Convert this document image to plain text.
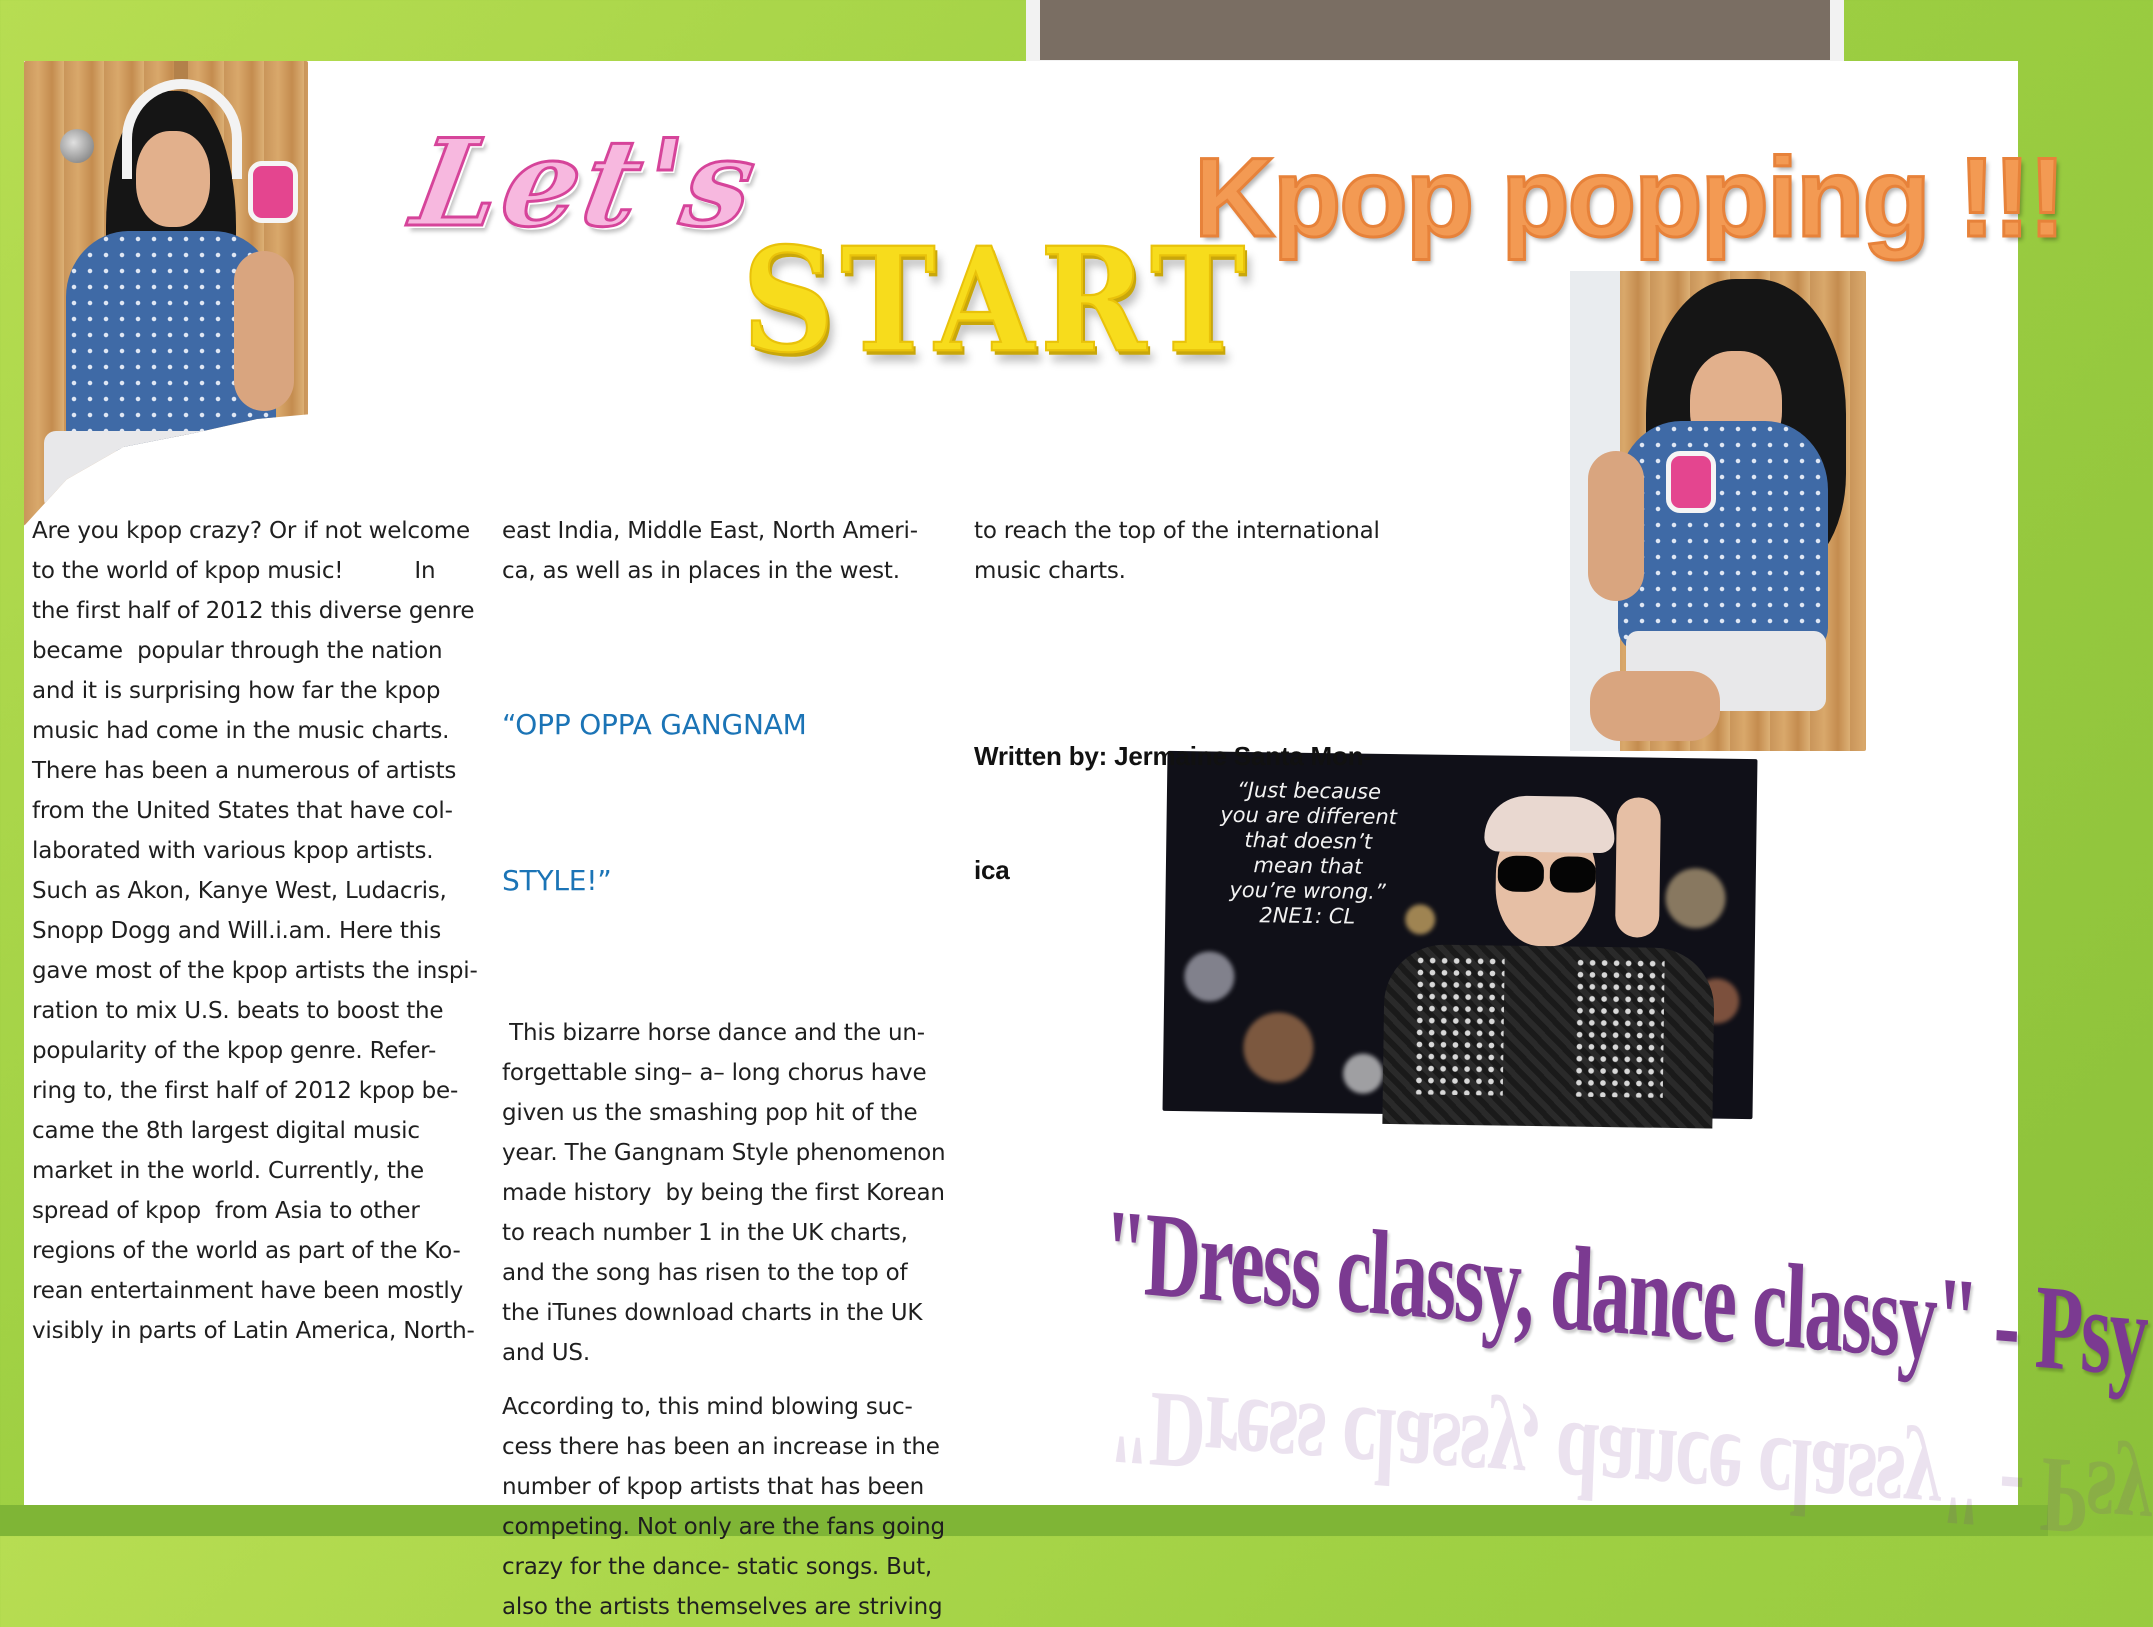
Let's
START
Kpop popping !!!
“Just because
you are different
that doesn’t
mean that
you’re wrong.”
2NE1: CL

Are you kpop crazy? Or if not welcome

to the world of kpop music!          In

the first half of 2012 this diverse genre

became  popular through the nation

and it is surprising how far the kpop

music had come in the music charts.

There has been a numerous of artists

from the United States that have col-

laborated with various kpop artists.

Such as Akon, Kanye West, Ludacris,

Snopp Dogg and Will.i.am. Here this

gave most of the kpop artists the inspi-

ration to mix U.S. beats to boost the

popularity of the kpop genre. Refer-

ring to, the first half of 2012 kpop be-

came the 8th largest digital music

market in the world. Currently, the

spread of kpop  from Asia to other

regions of the world as part of the Ko-

rean entertainment have been mostly

visibly in parts of Latin America, North-

east India, Middle East, North Ameri-

ca, as well as in places in the west.

“OPP OPPA GANGNAM

STYLE!”

This bizarre horse dance and the un-

forgettable sing– a– long chorus have

given us the smashing pop hit of the

year. The Gangnam Style phenomenon

made history  by being the first Korean

to reach number 1 in the UK charts,

and the song has risen to the top of

the iTunes download charts in the UK

and US.

According to, this mind blowing suc-

cess there has been an increase in the

number of kpop artists that has been

competing. Not only are the fans going

crazy for the dance- static songs. But,

also the artists themselves are striving

to reach the top of the international

music charts.

Written by: Jermaine Santa Mon-

ica

"Dress classy, dance classy" - Psy
"Dress classy, dance classy" - Psy
